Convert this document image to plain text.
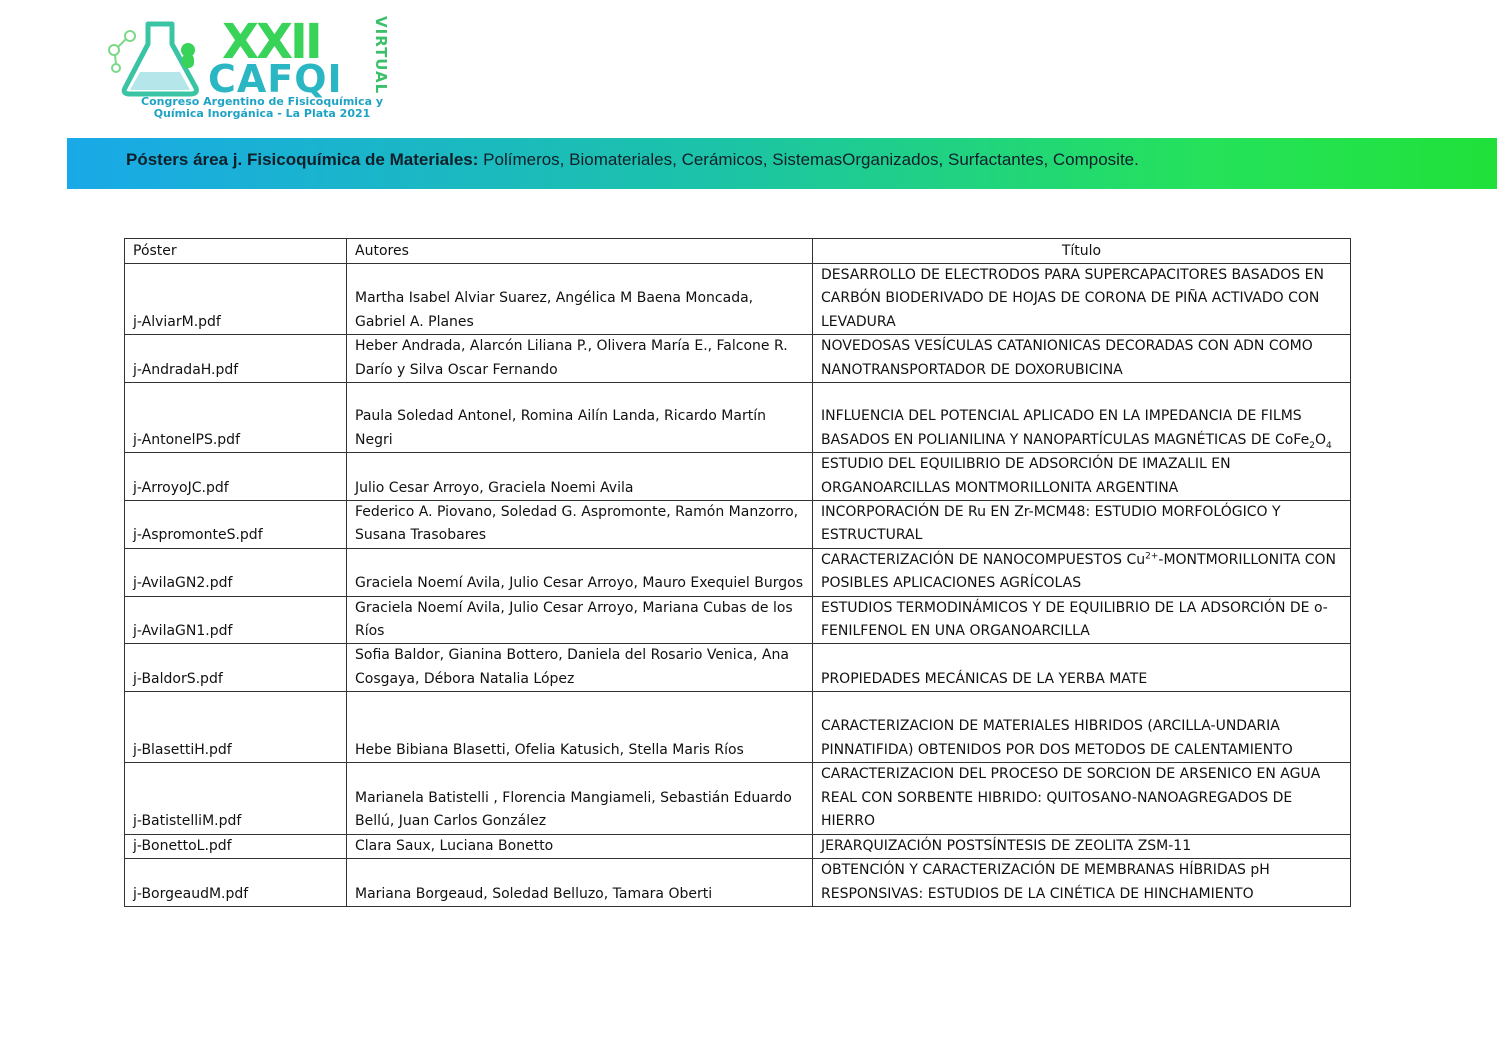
XXII
CAFQI VIRTUAL
Congreso Argentino de Fisicoquímica y
Química Inorgánica - La Plata 2021
Pósters área j. Fisicoquímica de Materiales: Polímeros, Biomateriales, Cerámicos, SistemasOrganizados, Surfactantes, Composite.
Póster	Autores	Título
j-AlviarM.pdf	Martha Isabel Alviar Suarez, Angélica M Baena Moncada, Gabriel A. Planes	DESARROLLO DE ELECTRODOS PARA SUPERCAPACITORES BASADOS EN CARBÓN BIODERIVADO DE HOJAS DE CORONA DE PIÑA ACTIVADO CON LEVADURA
j-AndradaH.pdf	Heber Andrada, Alarcón Liliana P., Olivera María E., Falcone R. Darío y Silva Oscar Fernando	NOVEDOSAS VESÍCULAS CATANIONICAS DECORADAS CON ADN COMO NANOTRANSPORTADOR DE DOXORUBICINA
j-AntonelPS.pdf	Paula Soledad Antonel, Romina Ailín Landa, Ricardo Martín Negri	INFLUENCIA DEL POTENCIAL APLICADO EN LA IMPEDANCIA DE FILMS BASADOS EN POLIANILINA Y NANOPARTÍCULAS MAGNÉTICAS DE $CoFe_2O_4$
j-ArroyoJC.pdf	Julio Cesar Arroyo, Graciela Noemi Avila	ESTUDIO DEL EQUILIBRIO DE ADSORCIÓN DE IMAZALIL EN ORGANOARCILLAS MONTMORILLONITA ARGENTINA
j-AspromonteS.pdf	Federico A. Piovano, Soledad G. Aspromonte, Ramón Manzorro, Susana Trasobares	INCORPORACIÓN DE Ru EN Zr-MCM48: ESTUDIO MORFOLÓGICO Y ESTRUCTURAL
j-AvilaGN2.pdf	Graciela Noemí Avila, Julio Cesar Arroyo, Mauro Exequiel Burgos	CARACTERIZACIÓN DE NANOCOMPUESTOS $Cu^{2+}$-MONTMORILLONITA CON POSIBLES APLICACIONES AGRÍCOLAS
j-AvilaGN1.pdf	Graciela Noemí Avila, Julio Cesar Arroyo, Mariana Cubas de los Ríos	ESTUDIOS TERMODINÁMICOS Y DE EQUILIBRIO DE LA ADSORCIÓN DE o-FENILFENOL EN UNA ORGANOARCILLA
j-BaldorS.pdf	Sofia Baldor, Gianina Bottero, Daniela del Rosario Venica, Ana Cosgaya, Débora Natalia López	PROPIEDADES MECÁNICAS DE LA YERBA MATE
j-BlasettiH.pdf	Hebe Bibiana Blasetti, Ofelia Katusich, Stella Maris Ríos	CARACTERIZACION DE MATERIALES HIBRIDOS (ARCILLA-UNDARIA PINNATIFIDA) OBTENIDOS POR DOS METODOS DE CALENTAMIENTO
j-BatistelliM.pdf	Marianela Batistelli , Florencia Mangiameli, Sebastián Eduardo Bellú, Juan Carlos González	CARACTERIZACION DEL PROCESO DE SORCION DE ARSENICO EN AGUA REAL CON SORBENTE HIBRIDO: QUITOSANO-NANOAGREGADOS DE HIERRO
j-BonettoL.pdf	Clara Saux, Luciana Bonetto	JERARQUIZACIÓN POSTSÍNTESIS DE ZEOLITA ZSM-11
j-BorgeaudM.pdf	Mariana Borgeaud, Soledad Belluzo, Tamara Oberti	OBTENCIÓN Y CARACTERIZACIÓN DE MEMBRANAS HÍBRIDAS pH RESPONSIVAS: ESTUDIOS DE LA CINÉTICA DE HINCHAMIENTO
